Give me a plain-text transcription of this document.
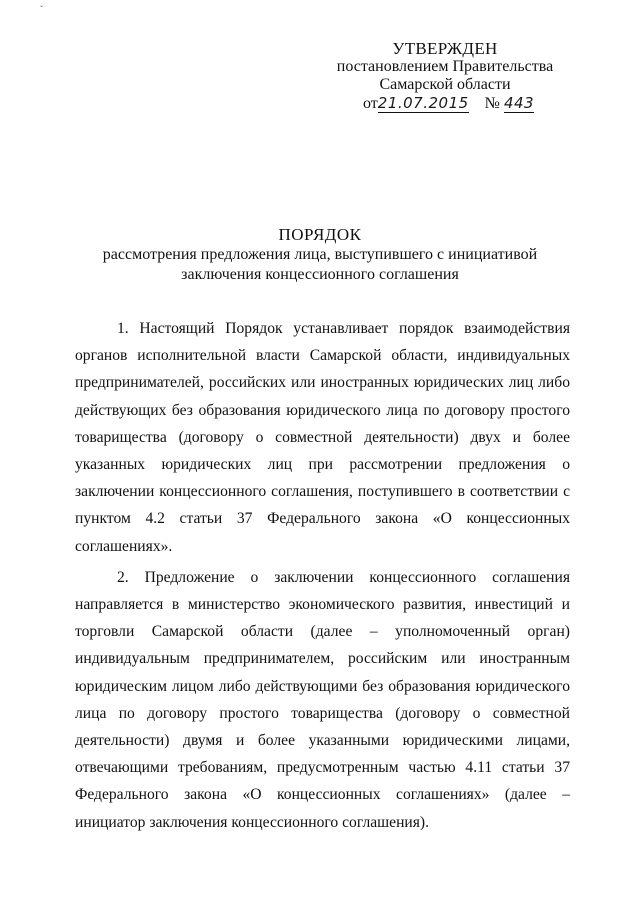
ˇ
УТВЕРЖДЕН
постановлением Правительства
Самарской области
от21.07.2015 № 443
ПОРЯДОК
рассмотрения предложения лица, выступившего с инициативой
заключения концессионного соглашения

1. Настоящий Порядок устанавливает порядок взаимодействия органов исполнительной власти Самарской области, индивидуальных предпринимателей, российских или иностранных юридических лиц либо действующих без образования юридического лица по договору простого товарищества (договору о совместной деятельности) двух и более указанных юридических лиц при рассмотрении предложения о заключении концессионного соглашения, поступившего в соответствии с пунктом 4.2 статьи 37 Федерального закона «О концессионных соглашениях».

2. Предложение о заключении концессионного соглашения направляется в министерство экономического развития, инвестиций и торговли Самарской области (далее – уполномоченный орган) индивидуальным предпринимателем, российским или иностранным юридическим лицом либо действующими без образования юридического лица по договору простого товарищества (договору о совместной деятельности) двумя и более указанными юридическими лицами, отвечающими требованиям, предусмотренным частью 4.11 статьи 37 Федерального закона «О концессионных соглашениях» (далее – инициатор заключения концессионного соглашения).
